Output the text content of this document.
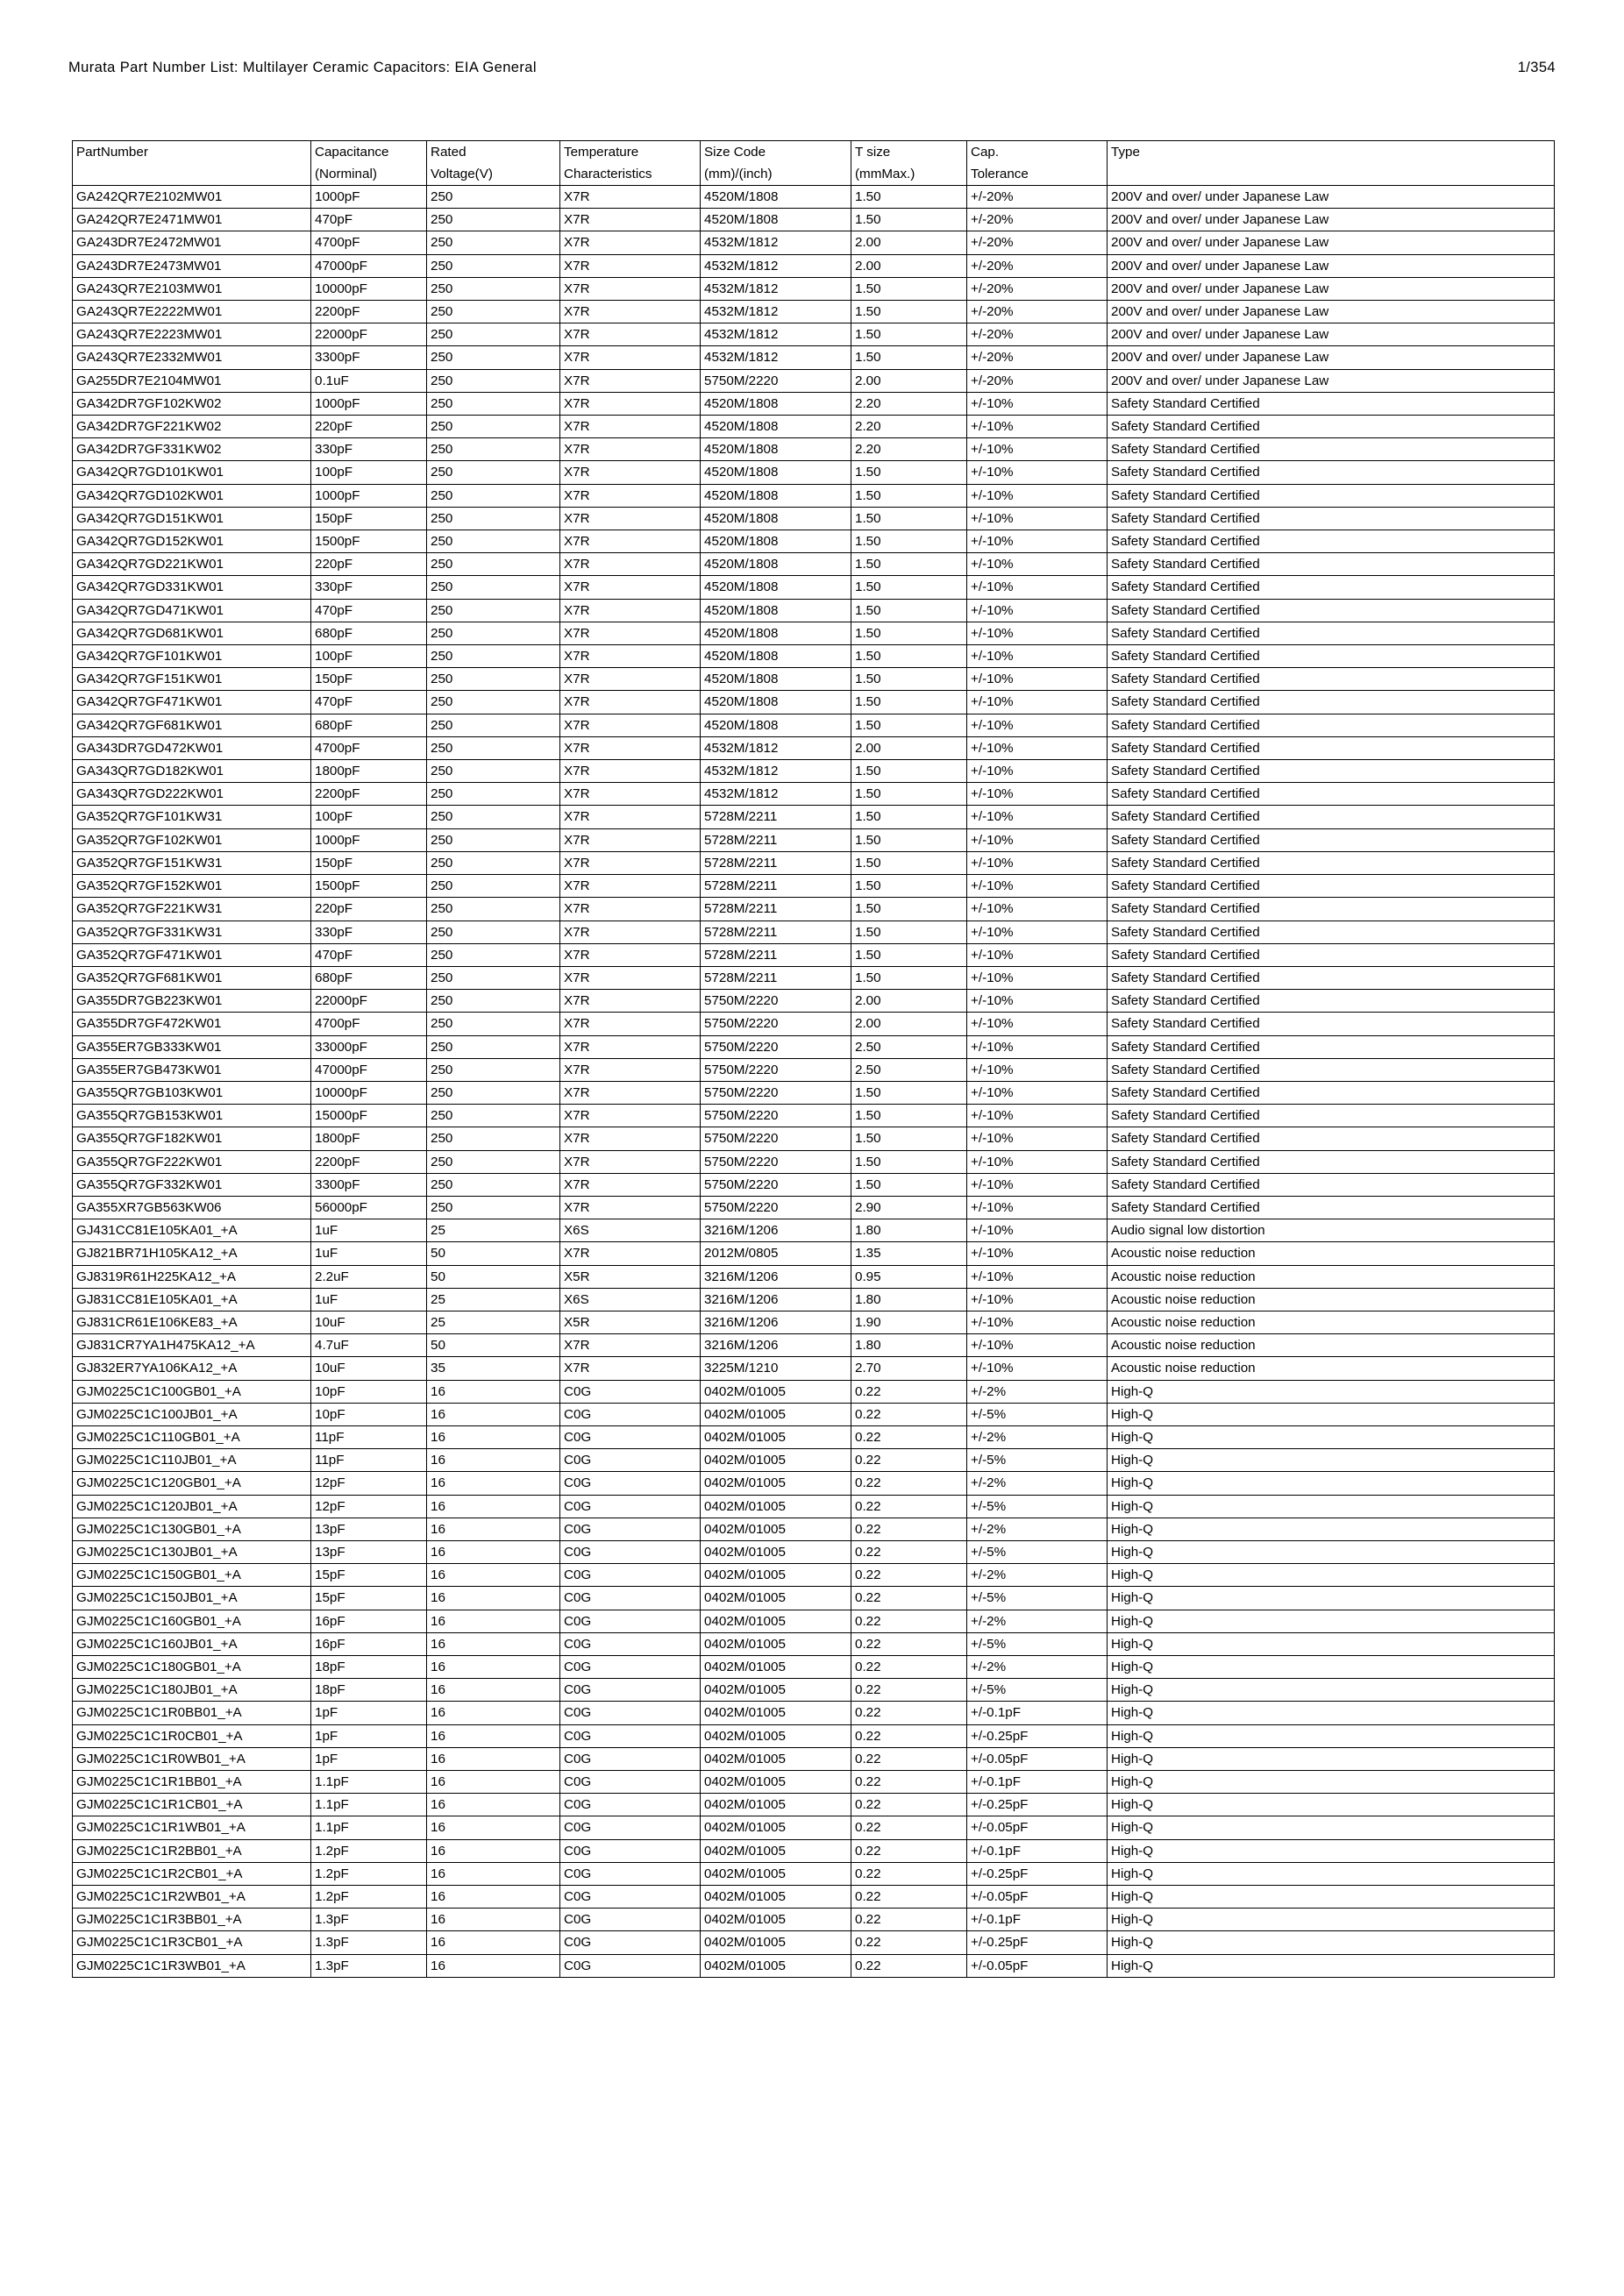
Murata Part Number List: Multilayer Ceramic Capacitors: EIA General	1/354
PartNumber	Capacitance	Rated	Temperature	Size Code	T size	Cap.	Type
	(Norminal)	Voltage(V)	Characteristics	(mm)/(inch)	(mmMax.)	Tolerance	
GA242QR7E2102MW01	1000pF	250	X7R	4520M/1808	1.50	+/-20%	200V and over/ under Japanese Law
GA242QR7E2471MW01	470pF	250	X7R	4520M/1808	1.50	+/-20%	200V and over/ under Japanese Law
GA243DR7E2472MW01	4700pF	250	X7R	4532M/1812	2.00	+/-20%	200V and over/ under Japanese Law
GA243DR7E2473MW01	47000pF	250	X7R	4532M/1812	2.00	+/-20%	200V and over/ under Japanese Law
GA243QR7E2103MW01	10000pF	250	X7R	4532M/1812	1.50	+/-20%	200V and over/ under Japanese Law
GA243QR7E2222MW01	2200pF	250	X7R	4532M/1812	1.50	+/-20%	200V and over/ under Japanese Law
GA243QR7E2223MW01	22000pF	250	X7R	4532M/1812	1.50	+/-20%	200V and over/ under Japanese Law
GA243QR7E2332MW01	3300pF	250	X7R	4532M/1812	1.50	+/-20%	200V and over/ under Japanese Law
GA255DR7E2104MW01	0.1uF	250	X7R	5750M/2220	2.00	+/-20%	200V and over/ under Japanese Law
GA342DR7GF102KW02	1000pF	250	X7R	4520M/1808	2.20	+/-10%	Safety Standard Certified
GA342DR7GF221KW02	220pF	250	X7R	4520M/1808	2.20	+/-10%	Safety Standard Certified
GA342DR7GF331KW02	330pF	250	X7R	4520M/1808	2.20	+/-10%	Safety Standard Certified
GA342QR7GD101KW01	100pF	250	X7R	4520M/1808	1.50	+/-10%	Safety Standard Certified
GA342QR7GD102KW01	1000pF	250	X7R	4520M/1808	1.50	+/-10%	Safety Standard Certified
GA342QR7GD151KW01	150pF	250	X7R	4520M/1808	1.50	+/-10%	Safety Standard Certified
GA342QR7GD152KW01	1500pF	250	X7R	4520M/1808	1.50	+/-10%	Safety Standard Certified
GA342QR7GD221KW01	220pF	250	X7R	4520M/1808	1.50	+/-10%	Safety Standard Certified
GA342QR7GD331KW01	330pF	250	X7R	4520M/1808	1.50	+/-10%	Safety Standard Certified
GA342QR7GD471KW01	470pF	250	X7R	4520M/1808	1.50	+/-10%	Safety Standard Certified
GA342QR7GD681KW01	680pF	250	X7R	4520M/1808	1.50	+/-10%	Safety Standard Certified
GA342QR7GF101KW01	100pF	250	X7R	4520M/1808	1.50	+/-10%	Safety Standard Certified
GA342QR7GF151KW01	150pF	250	X7R	4520M/1808	1.50	+/-10%	Safety Standard Certified
GA342QR7GF471KW01	470pF	250	X7R	4520M/1808	1.50	+/-10%	Safety Standard Certified
GA342QR7GF681KW01	680pF	250	X7R	4520M/1808	1.50	+/-10%	Safety Standard Certified
GA343DR7GD472KW01	4700pF	250	X7R	4532M/1812	2.00	+/-10%	Safety Standard Certified
GA343QR7GD182KW01	1800pF	250	X7R	4532M/1812	1.50	+/-10%	Safety Standard Certified
GA343QR7GD222KW01	2200pF	250	X7R	4532M/1812	1.50	+/-10%	Safety Standard Certified
GA352QR7GF101KW31	100pF	250	X7R	5728M/2211	1.50	+/-10%	Safety Standard Certified
GA352QR7GF102KW01	1000pF	250	X7R	5728M/2211	1.50	+/-10%	Safety Standard Certified
GA352QR7GF151KW31	150pF	250	X7R	5728M/2211	1.50	+/-10%	Safety Standard Certified
GA352QR7GF152KW01	1500pF	250	X7R	5728M/2211	1.50	+/-10%	Safety Standard Certified
GA352QR7GF221KW31	220pF	250	X7R	5728M/2211	1.50	+/-10%	Safety Standard Certified
GA352QR7GF331KW31	330pF	250	X7R	5728M/2211	1.50	+/-10%	Safety Standard Certified
GA352QR7GF471KW01	470pF	250	X7R	5728M/2211	1.50	+/-10%	Safety Standard Certified
GA352QR7GF681KW01	680pF	250	X7R	5728M/2211	1.50	+/-10%	Safety Standard Certified
GA355DR7GB223KW01	22000pF	250	X7R	5750M/2220	2.00	+/-10%	Safety Standard Certified
GA355DR7GF472KW01	4700pF	250	X7R	5750M/2220	2.00	+/-10%	Safety Standard Certified
GA355ER7GB333KW01	33000pF	250	X7R	5750M/2220	2.50	+/-10%	Safety Standard Certified
GA355ER7GB473KW01	47000pF	250	X7R	5750M/2220	2.50	+/-10%	Safety Standard Certified
GA355QR7GB103KW01	10000pF	250	X7R	5750M/2220	1.50	+/-10%	Safety Standard Certified
GA355QR7GB153KW01	15000pF	250	X7R	5750M/2220	1.50	+/-10%	Safety Standard Certified
GA355QR7GF182KW01	1800pF	250	X7R	5750M/2220	1.50	+/-10%	Safety Standard Certified
GA355QR7GF222KW01	2200pF	250	X7R	5750M/2220	1.50	+/-10%	Safety Standard Certified
GA355QR7GF332KW01	3300pF	250	X7R	5750M/2220	1.50	+/-10%	Safety Standard Certified
GA355XR7GB563KW06	56000pF	250	X7R	5750M/2220	2.90	+/-10%	Safety Standard Certified
GJ431CC81E105KA01_+A	1uF	25	X6S	3216M/1206	1.80	+/-10%	Audio signal low distortion
GJ821BR71H105KA12_+A	1uF	50	X7R	2012M/0805	1.35	+/-10%	Acoustic noise reduction
GJ8319R61H225KA12_+A	2.2uF	50	X5R	3216M/1206	0.95	+/-10%	Acoustic noise reduction
GJ831CC81E105KA01_+A	1uF	25	X6S	3216M/1206	1.80	+/-10%	Acoustic noise reduction
GJ831CR61E106KE83_+A	10uF	25	X5R	3216M/1206	1.90	+/-10%	Acoustic noise reduction
GJ831CR7YA1H475KA12_+A	4.7uF	50	X7R	3216M/1206	1.80	+/-10%	Acoustic noise reduction
GJ832ER7YA106KA12_+A	10uF	35	X7R	3225M/1210	2.70	+/-10%	Acoustic noise reduction
GJM0225C1C100GB01_+A	10pF	16	C0G	0402M/01005	0.22	+/-2%	High-Q
GJM0225C1C100JB01_+A	10pF	16	C0G	0402M/01005	0.22	+/-5%	High-Q
GJM0225C1C110GB01_+A	11pF	16	C0G	0402M/01005	0.22	+/-2%	High-Q
GJM0225C1C110JB01_+A	11pF	16	C0G	0402M/01005	0.22	+/-5%	High-Q
GJM0225C1C120GB01_+A	12pF	16	C0G	0402M/01005	0.22	+/-2%	High-Q
GJM0225C1C120JB01_+A	12pF	16	C0G	0402M/01005	0.22	+/-5%	High-Q
GJM0225C1C130GB01_+A	13pF	16	C0G	0402M/01005	0.22	+/-2%	High-Q
GJM0225C1C130JB01_+A	13pF	16	C0G	0402M/01005	0.22	+/-5%	High-Q
GJM0225C1C150GB01_+A	15pF	16	C0G	0402M/01005	0.22	+/-2%	High-Q
GJM0225C1C150JB01_+A	15pF	16	C0G	0402M/01005	0.22	+/-5%	High-Q
GJM0225C1C160GB01_+A	16pF	16	C0G	0402M/01005	0.22	+/-2%	High-Q
GJM0225C1C160JB01_+A	16pF	16	C0G	0402M/01005	0.22	+/-5%	High-Q
GJM0225C1C180GB01_+A	18pF	16	C0G	0402M/01005	0.22	+/-2%	High-Q
GJM0225C1C180JB01_+A	18pF	16	C0G	0402M/01005	0.22	+/-5%	High-Q
GJM0225C1C1R0BB01_+A	1pF	16	C0G	0402M/01005	0.22	+/-0.1pF	High-Q
GJM0225C1C1R0CB01_+A	1pF	16	C0G	0402M/01005	0.22	+/-0.25pF	High-Q
GJM0225C1C1R0WB01_+A	1pF	16	C0G	0402M/01005	0.22	+/-0.05pF	High-Q
GJM0225C1C1R1BB01_+A	1.1pF	16	C0G	0402M/01005	0.22	+/-0.1pF	High-Q
GJM0225C1C1R1CB01_+A	1.1pF	16	C0G	0402M/01005	0.22	+/-0.25pF	High-Q
GJM0225C1C1R1WB01_+A	1.1pF	16	C0G	0402M/01005	0.22	+/-0.05pF	High-Q
GJM0225C1C1R2BB01_+A	1.2pF	16	C0G	0402M/01005	0.22	+/-0.1pF	High-Q
GJM0225C1C1R2CB01_+A	1.2pF	16	C0G	0402M/01005	0.22	+/-0.25pF	High-Q
GJM0225C1C1R2WB01_+A	1.2pF	16	C0G	0402M/01005	0.22	+/-0.05pF	High-Q
GJM0225C1C1R3BB01_+A	1.3pF	16	C0G	0402M/01005	0.22	+/-0.1pF	High-Q
GJM0225C1C1R3CB01_+A	1.3pF	16	C0G	0402M/01005	0.22	+/-0.25pF	High-Q
GJM0225C1C1R3WB01_+A	1.3pF	16	C0G	0402M/01005	0.22	+/-0.05pF	High-Q
